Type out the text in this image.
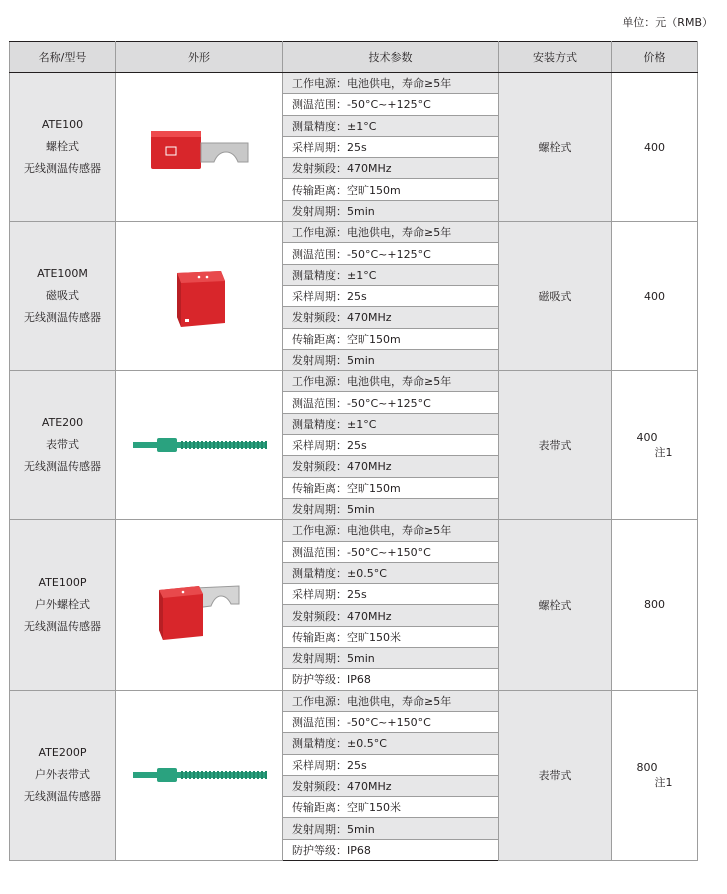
单位：元（RMB）
名称/型号	外形	技术参数	安装方式	价格

ATE100
螺栓式
无线测温传感器		工作电源：电池供电，寿命≥5年	螺栓式	400
		测温范围：-50°C~+125°C		
		测量精度：±1°C		
		采样周期：25s		
		发射频段：470MHz		
		传输距离：空旷150m		
		发射周期：5min		

ATE100M
磁吸式
无线测温传感器		工作电源：电池供电，寿命≥5年	磁吸式	400
		测温范围：-50°C~+125°C		
		测量精度：±1°C		
		采样周期：25s		
		发射频段：470MHz		
		传输距离：空旷150m		
		发射周期：5min		

ATE200
表带式
无线测温传感器		工作电源：电池供电，寿命≥5年	表带式	400
注1

		测温范围：-50°C~+125°C		
		测量精度：±1°C		
		采样周期：25s		
		发射频段：470MHz		
		传输距离：空旷150m		
		发射周期：5min		

ATE100P
户外螺栓式
无线测温传感器		工作电源：电池供电，寿命≥5年	螺栓式	800
		测温范围：-50°C~+150°C		
		测量精度：±0.5°C		
		采样周期：25s		
		发射频段：470MHz		
		传输距离：空旷150米		
		发射周期：5min		
		防护等级：IP68		

ATE200P
户外表带式
无线测温传感器		工作电源：电池供电，寿命≥5年	表带式	800
注1

		测温范围：-50°C~+150°C		
		测量精度：±0.5°C		
		采样周期：25s		
		发射频段：470MHz		
		传输距离：空旷150米		
		发射周期：5min		
		防护等级：IP68		
